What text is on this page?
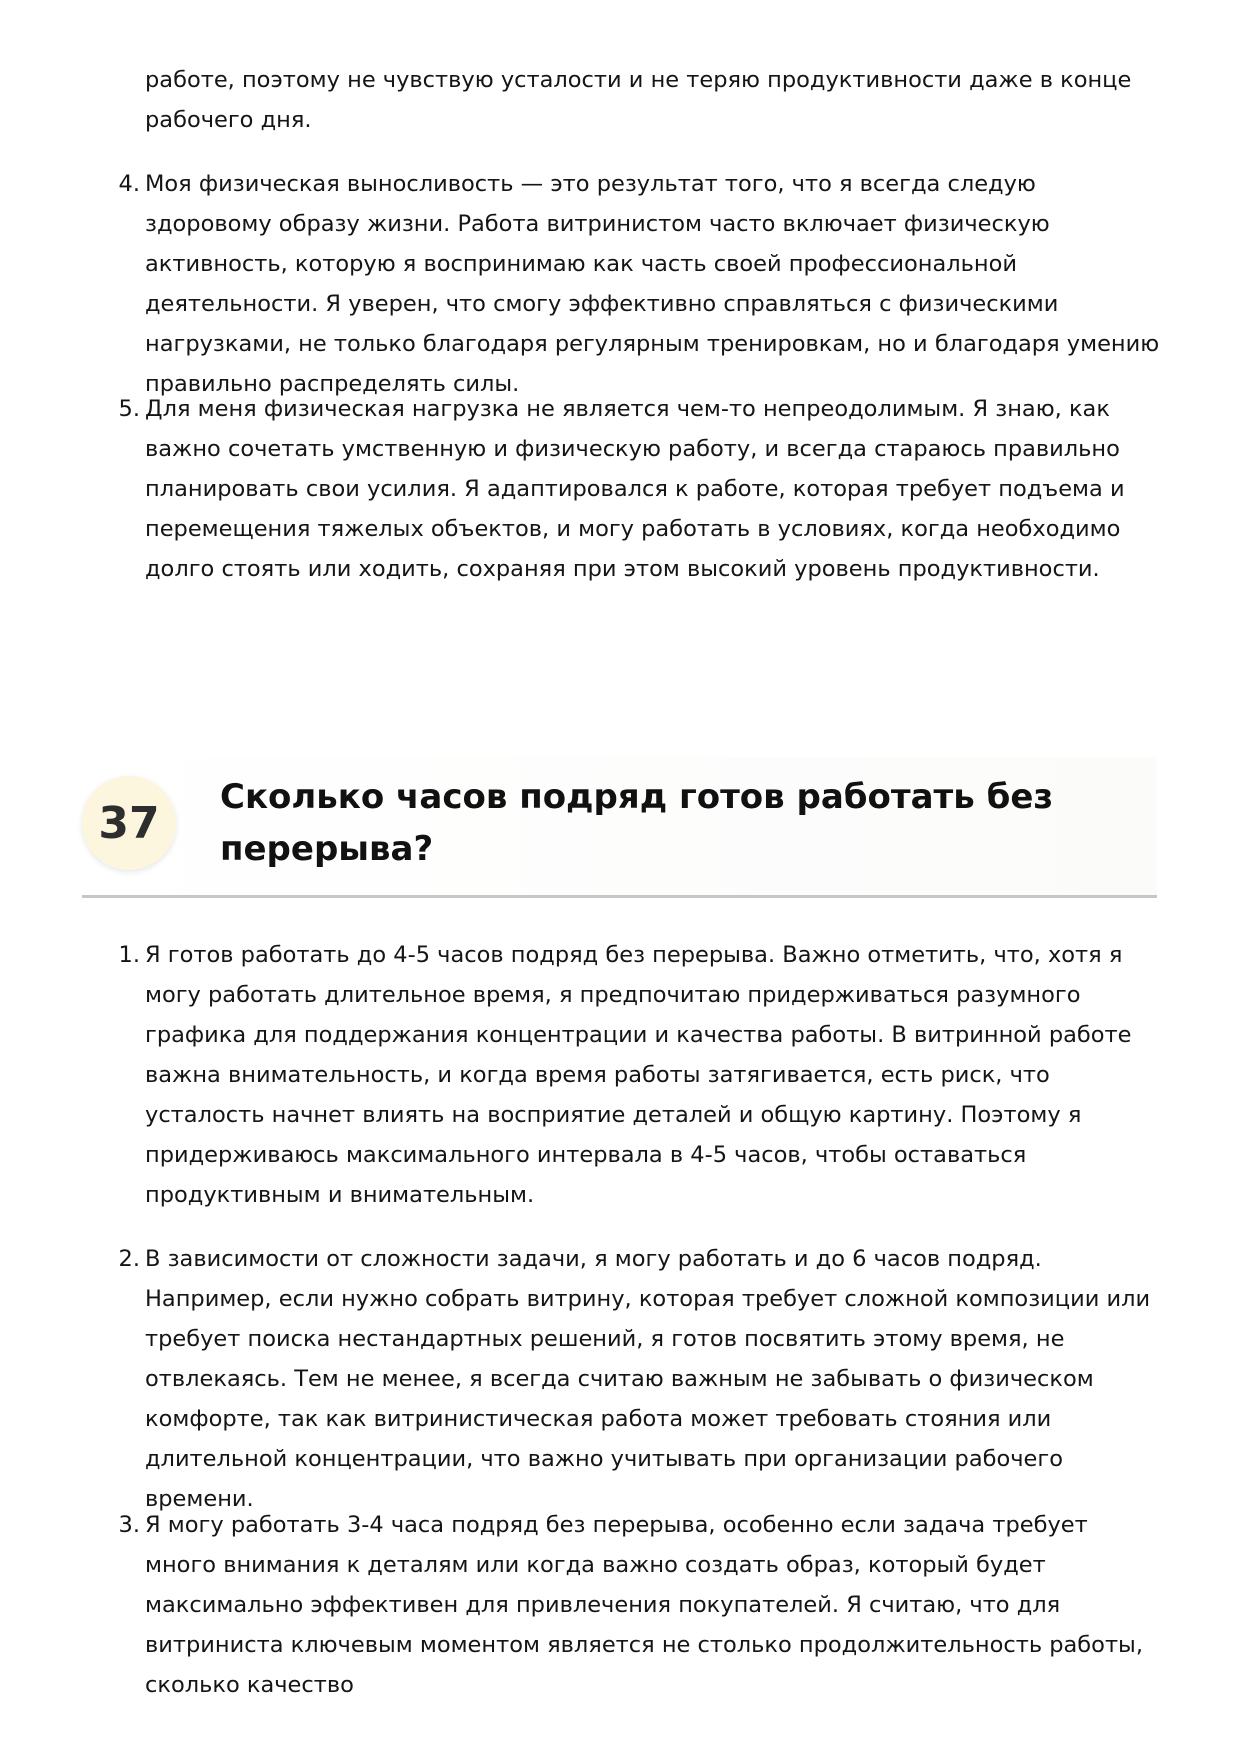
работе, поэтому не чувствую усталости и не теряю продуктивности даже в конце рабочего дня.
4. Моя физическая выносливость — это результат того, что я всегда следую здоровому образу жизни. Работа витринистом часто включает физическую активность, которую я воспринимаю как часть своей профессиональной деятельности. Я уверен, что смогу эффективно справляться с физическими нагрузками, не только благодаря регулярным тренировкам, но и благодаря умению правильно распределять силы.
5. Для меня физическая нагрузка не является чем-то непреодолимым. Я знаю, как важно сочетать умственную и физическую работу, и всегда стараюсь правильно планировать свои усилия. Я адаптировался к работе, которая требует подъема и перемещения тяжелых объектов, и могу работать в условиях, когда необходимо долго стоять или ходить, сохраняя при этом высокий уровень продуктивности.
37
Сколько часов подряд готов работать без перерыва?
1. Я готов работать до 4-5 часов подряд без перерыва. Важно отметить, что, хотя я могу работать длительное время, я предпочитаю придерживаться разумного графика для поддержания концентрации и качества работы. В витринной работе важна внимательность, и когда время работы затягивается, есть риск, что усталость начнет влиять на восприятие деталей и общую картину. Поэтому я придерживаюсь максимального интервала в 4-5 часов, чтобы оставаться продуктивным и внимательным.
2. В зависимости от сложности задачи, я могу работать и до 6 часов подряд. Например, если нужно собрать витрину, которая требует сложной композиции или требует поиска нестандартных решений, я готов посвятить этому время, не отвлекаясь. Тем не менее, я всегда считаю важным не забывать о физическом комфорте, так как витринистическая работа может требовать стояния или длительной концентрации, что важно учитывать при организации рабочего времени.
3. Я могу работать 3-4 часа подряд без перерыва, особенно если задача требует много внимания к деталям или когда важно создать образ, который будет максимально эффективен для привлечения покупателей. Я считаю, что для витриниста ключевым моментом является не столько продолжительность работы, сколько качество
